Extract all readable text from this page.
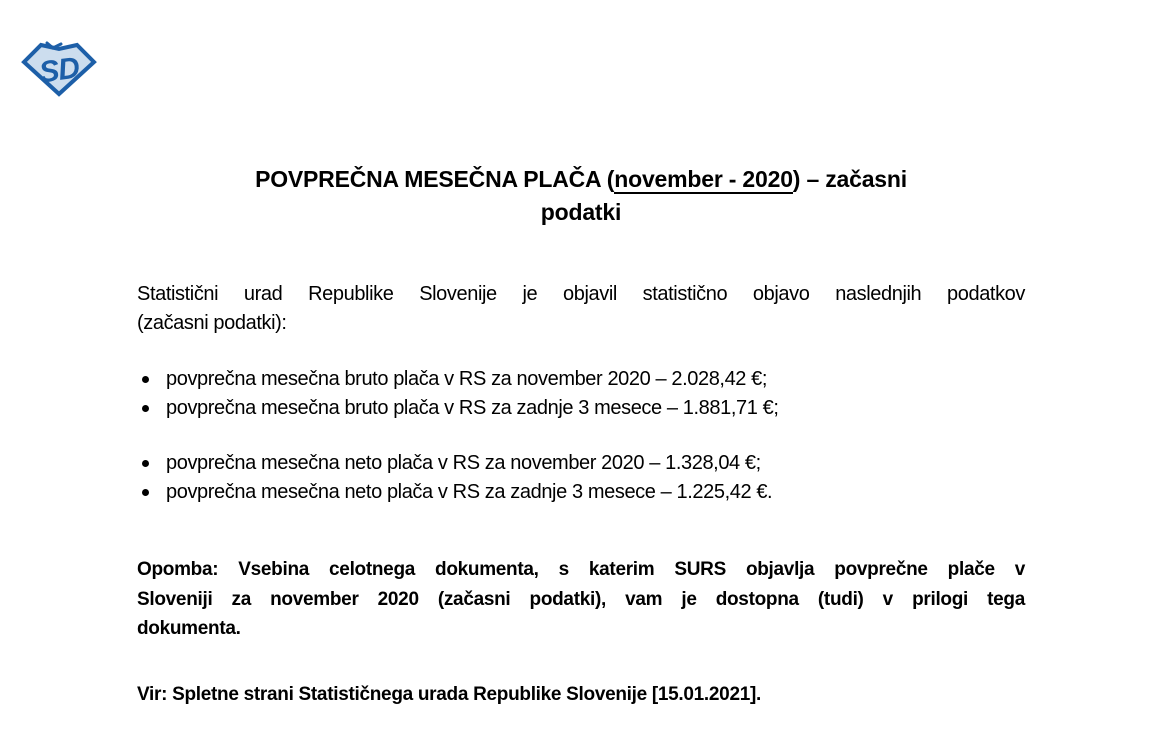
SD
POVPREČNA MESEČNA PLAČA (november - 2020) – začasni
podatki

Statistični urad Republike Slovenije je objavil statistično objavo naslednjih podatkov
(začasni podatki):

povprečna mesečna bruto plača v RS za november 2020 – 2.028,42 €;
povprečna mesečna bruto plača v RS za zadnje 3 mesece – 1.881,71 €;
povprečna mesečna neto plača v RS za november 2020 – 1.328,04 €;
povprečna mesečna neto plača v RS za zadnje 3 mesece – 1.225,42 €.

Opomba: Vsebina celotnega dokumenta, s katerim SURS objavlja povprečne plače v
Sloveniji za november 2020 (začasni podatki), vam je dostopna (tudi) v prilogi tega
dokumenta.

Vir: Spletne strani Statističnega urada Republike Slovenije [15.01.2021].
